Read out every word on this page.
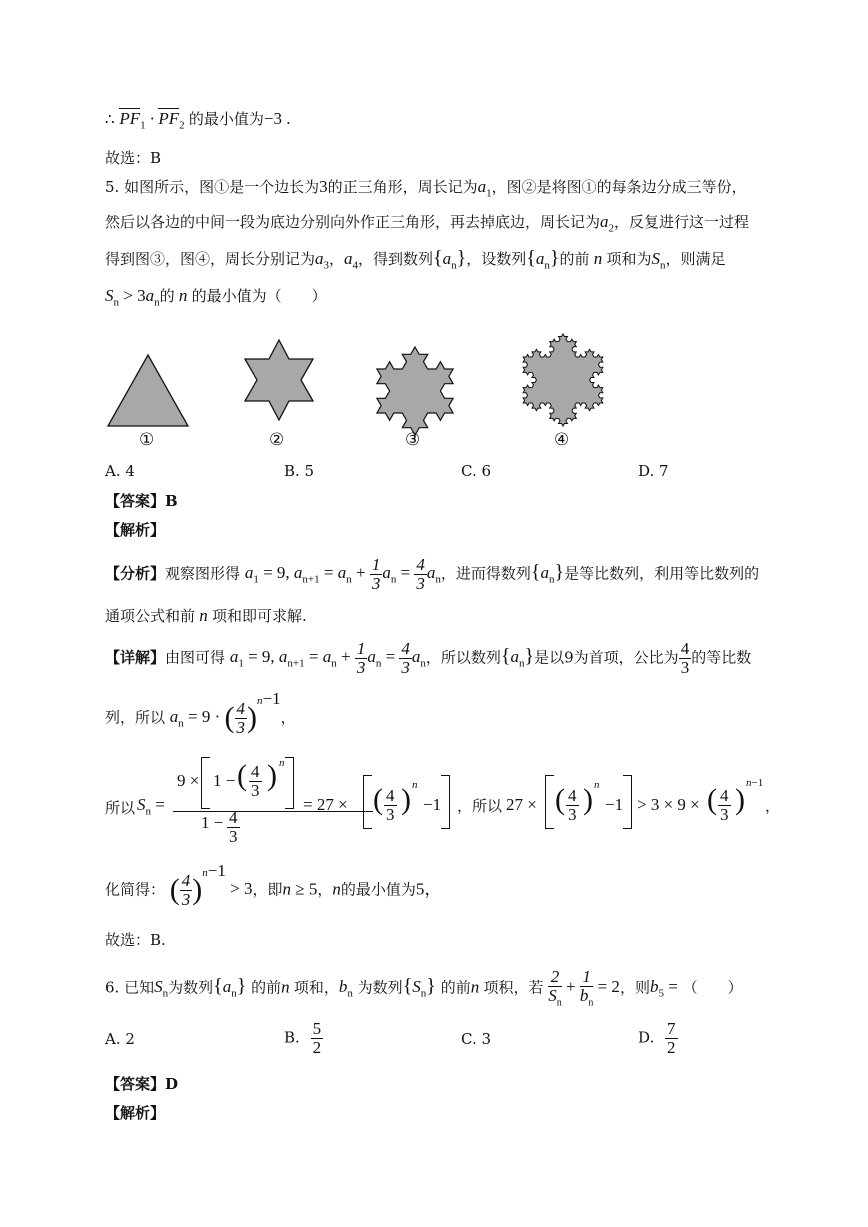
∴ $PF_1 \cdot PF_2$ 的最小值为−3 .
故选：B
5. 如图所示，图①是一个边长为3的正三角形，周长记为$a_1$，图②是将图①的每条边分成三等份，
然后以各边的中间一段为底边分别向外作正三角形，再去掉底边，周长记为$a_2$，反复进行这一过程
得到图③，图④，周长分别记为$a_3$，$a_4$，得到数列$\{a_n\}$，设数列$\{a_n\}$的前 n 项和为$S_n$，则满足
$S_n > 3a_n$的 n 的最小值为（　　）
①	②	③	④
A. 4	B. 5	C. 6	D. 7
【答案】B
【解析】
【分析】观察图形得 $a_1 = 9$, $a_{n+1} = a_n + \frac{1}{3} a_n = \frac{4}{3} a_n$，进而得数列$\{a_n\}$是等比数列，利用等比数列的
通项公式和前 n 项和即可求解.
【详解】由图可得 $a_1 = 9$, $a_{n+1} = a_n + \frac{1}{3} a_n = \frac{4}{3} a_n$，所以数列$\{a_n\}$是以9为首项，公比为 $\frac{4}{3}$ 的等比数
列，所以 $a_n = 9$ · ( $\frac{4}{3} )^{n-1}$，
所以 $S_n$ =
9 × 1 − ( $\frac{4}{3}$ ) n
$1 - \frac{4}{3}$
= 27 × ( $\frac{4}{3}$ ) n
−1 ，所以 27 × ( $\frac{4}{3}$ ) n
−1 > 3 × 9 × ( $\frac{4}{3}$ ) n−1
，
化简得： ( $\frac{4}{3} )^{n-1} > 3$，即n ≥ 5，n的最小值为5，
故选：B.
6. 已知$S_n$为数列$\{a_n\}$ 的前n 项和，$b_n$ 为数列$\{S_n\}$ 的前n 项积，若 $\frac{2}{S_n} + \frac{1}{b_n} = 2$，则$b_5$ = （　　）
A. 2	B. $\frac{5}{2}$	C. 3	D. $\frac{7}{2}$
【答案】D
【解析】
